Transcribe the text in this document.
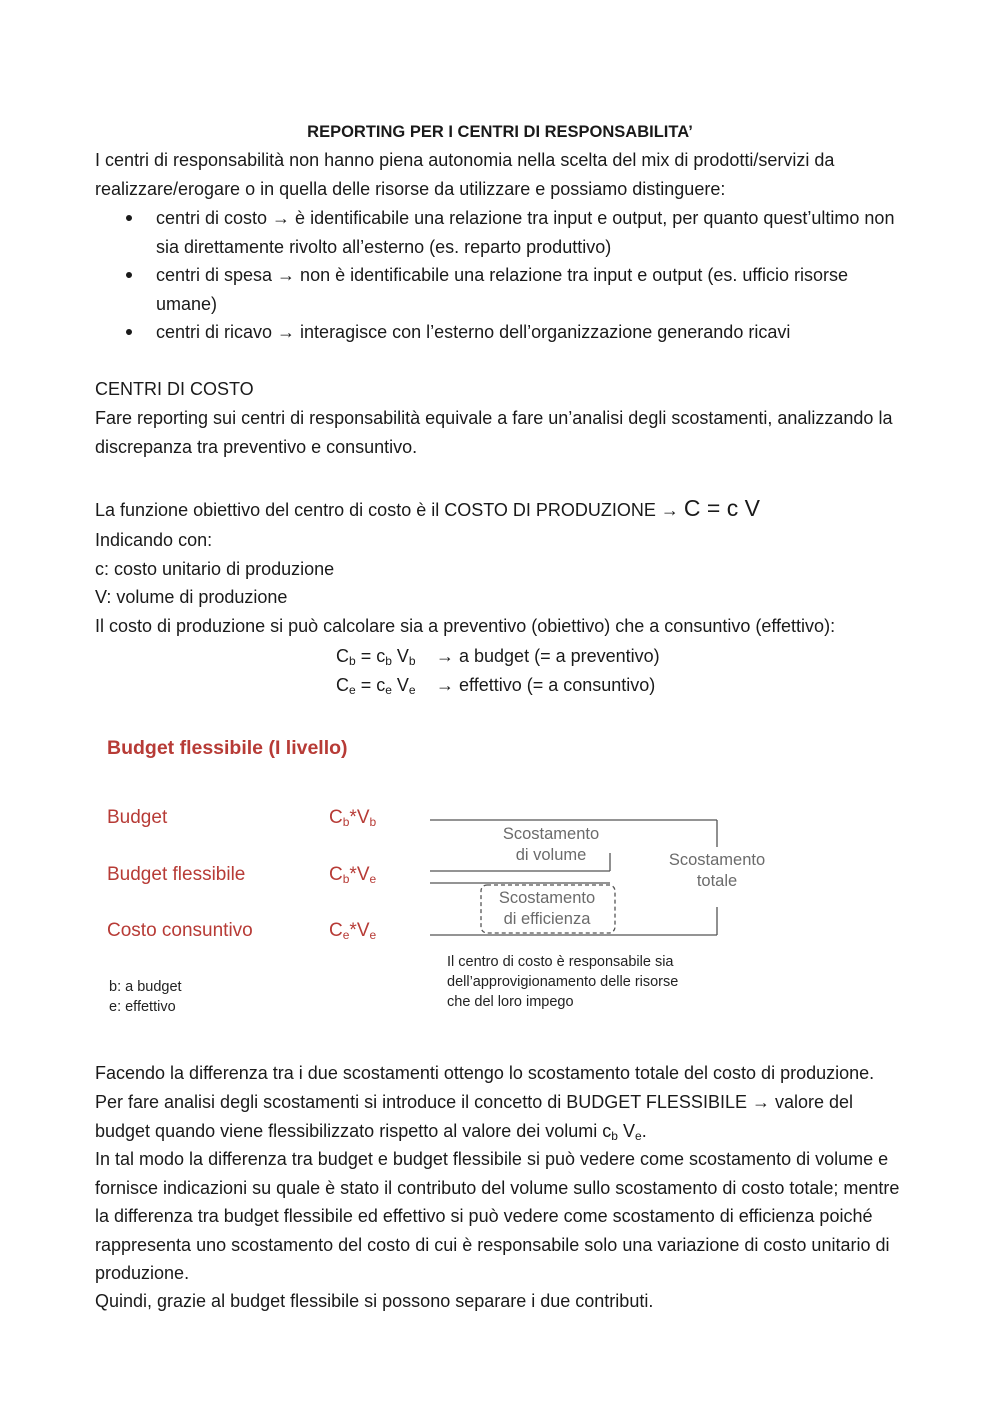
REPORTING PER I CENTRI DI RESPONSABILITA’
I centri di responsabilità non hanno piena autonomia nella scelta del mix di prodotti/servizi da realizzare/erogare o in quella delle risorse da utilizzare e possiamo distinguere:
centri di costo → è identificabile una relazione tra input e output, per quanto quest’ultimo non sia direttamente rivolto all’esterno (es. reparto produttivo)
centri di spesa → non è identificabile una relazione tra input e output (es. ufficio risorse umane)
centri di ricavo → interagisce con l’esterno dell’organizzazione generando ricavi
CENTRI DI COSTO
Fare reporting sui centri di responsabilità equivale a fare un’analisi degli scostamenti, analizzando la discrepanza tra preventivo e consuntivo.
La funzione obiettivo del centro di costo è il COSTO DI PRODUZIONE → C = c V
Indicando con:
c: costo unitario di produzione
V: volume di produzione
Il costo di produzione si può calcolare sia a preventivo (obiettivo) che a consuntivo (effettivo):
$C_b = c_b$ $V_b \to a$ budget (= a preventivo)
$C_e = c_e$ $V_e$ → effettivo (= a consuntivo)
Budget flessibile (I livello)
Budget
Budget flessibile
Costo consuntivo
$C_b*V_b$
$C_b*V_e$
$C_e*V_e$
Scostamento
di volume
Scostamento
di efficienza
Scostamento
totale
b: a budget
e: effettivo
Il centro di costo è responsabile sia
dell’approvigionamento delle risorse
che del loro impego
Facendo la differenza tra i due scostamenti ottengo lo scostamento totale del costo di produzione.
Per fare analisi degli scostamenti si introduce il concetto di BUDGET FLESSIBILE → valore del budget quando viene flessibilizzato rispetto al valore dei volumi $c_b$ $V_e$.
In tal modo la differenza tra budget e budget flessibile si può vedere come scostamento di volume e fornisce indicazioni su quale è stato il contributo del volume sullo scostamento di costo totale; mentre la differenza tra budget flessibile ed effettivo si può vedere come scostamento di efficienza poiché rappresenta uno scostamento del costo di cui è responsabile solo una variazione di costo unitario di produzione.
Quindi, grazie al budget flessibile si possono separare i due contributi.
